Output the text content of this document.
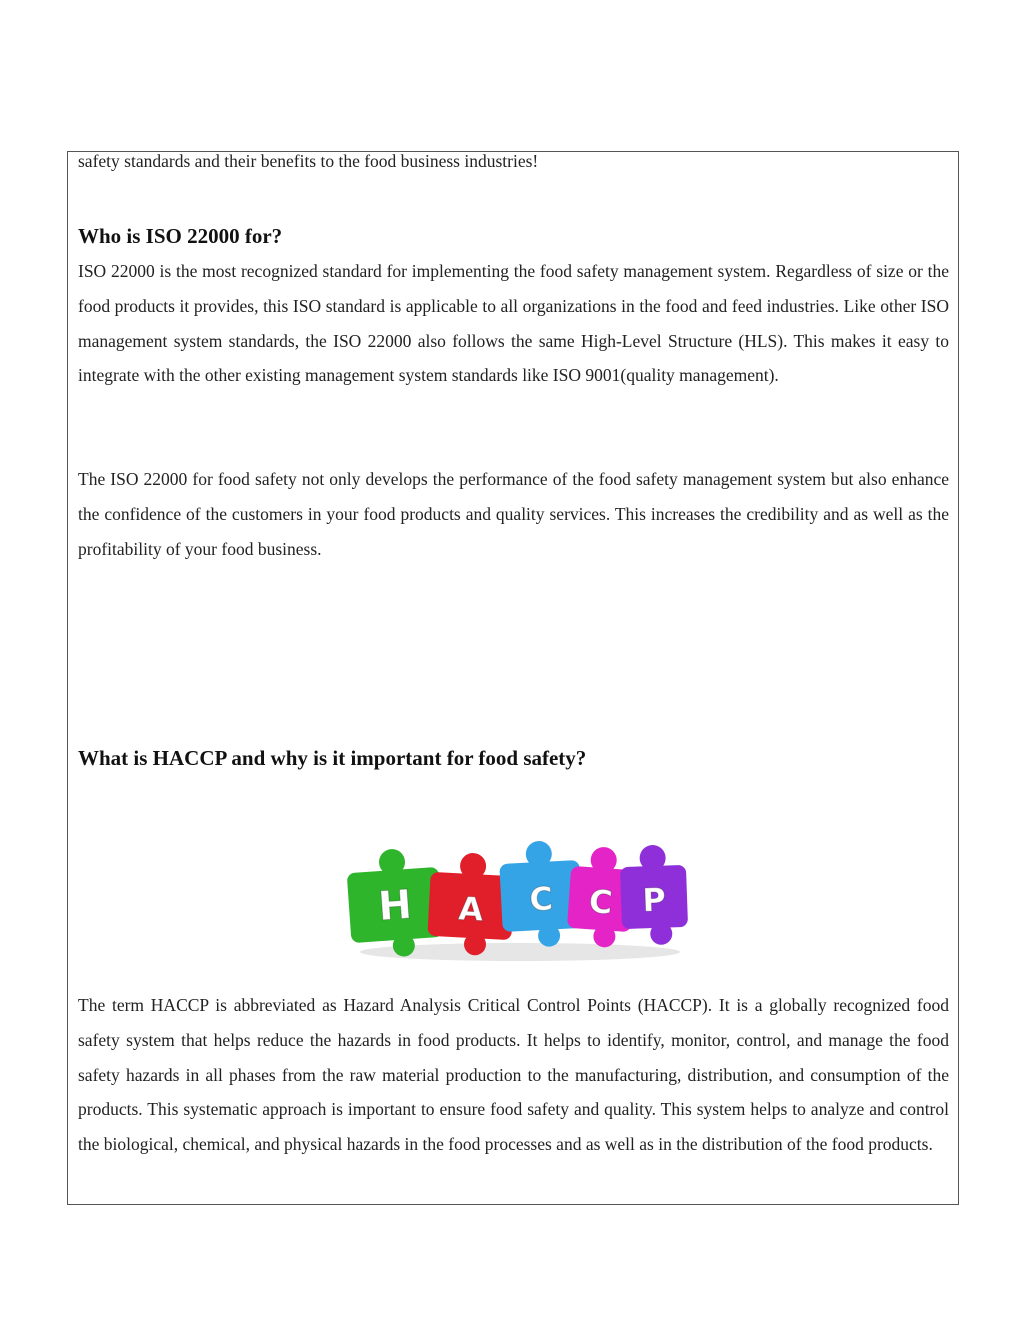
safety standards and their benefits to the food business industries!

Who is ISO 22000 for?

ISO 22000 is the most recognized standard for implementing the food safety management system. Regardless of size or the food products it provides, this ISO standard is applicable to all organizations in the food and feed industries. Like other ISO management system standards, the ISO 22000 also follows the same High-Level Structure (HLS). This makes it easy to integrate with the other existing management system standards like ISO 9001(quality management).

The ISO 22000 for food safety not only develops the performance of the food safety management system but also enhance the confidence of the customers in your food products and quality services. This increases the credibility and as well as the profitability of your food business.

What is HACCP and why is it important for food safety?
H A C C P

The term HACCP is abbreviated as Hazard Analysis Critical Control Points (HACCP). It is a globally recognized food safety system that helps reduce the hazards in food products. It helps to identify, monitor, control, and manage the food safety hazards in all phases from the raw material production to the manufacturing, distribution, and consumption of the products. This systematic approach is important to ensure food safety and quality. This system helps to analyze and control the biological, chemical, and physical hazards in the food processes and as well as in the distribution of the food products.
